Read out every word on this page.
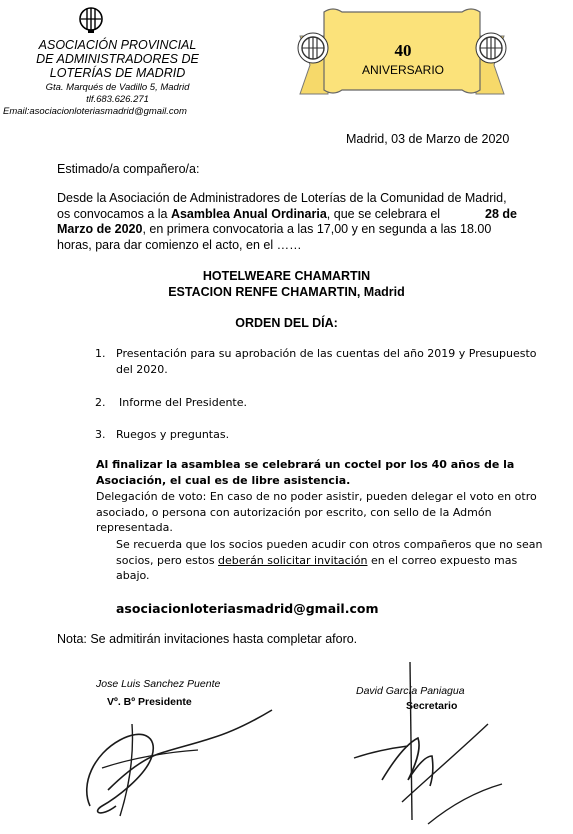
ASOCIACIÓN PROVINCIAL
DE ADMINISTRADORES DE
LOTERÍAS DE MADRID
Gta. Marqués de Vadillo 5, Madrid
tlf.683.626.271
Email:asociacionloteriasmadrid@gmail.com
40
ANIVERSARIO
Madrid, 03 de Marzo de 2020
Estimado/a compañero/a:
Desde la Asociación de Administradores de Loterías de la Comunidad de Madrid,
os convocamos a la Asamblea Anual Ordinaria, que se celebrara el	28 de
Marzo de 2020, en primera convocatoria a las 17,00 y en segunda a las 18.00
horas, para dar comienzo el acto, en el ……
HOTELWEARE CHAMARTIN
ESTACION RENFE CHAMARTIN, Madrid
ORDEN DEL DÍA:
1. Presentación para su aprobación de las cuentas del año 2019 y Presupuesto
del 2020.
2. Informe del Presidente.
3. Ruegos y preguntas.
Al finalizar la asamblea se celebrará un coctel por los 40 años de la
Asociación, el cual es de libre asistencia.
Delegación de voto: En caso de no poder asistir, pueden delegar el voto en otro
asociado, o persona con autorización por escrito, con sello de la Admón
representada.
Se recuerda que los socios pueden acudir con otros compañeros que no sean
socios, pero estos deberán solicitar invitación en el correo expuesto mas
abajo.
asociacionloteriasmadrid@gmail.com
Nota: Se admitirán invitaciones hasta completar aforo.
Jose Luis Sanchez Puente
Vº. Bº Presidente
David García Paniagua
Secretario
